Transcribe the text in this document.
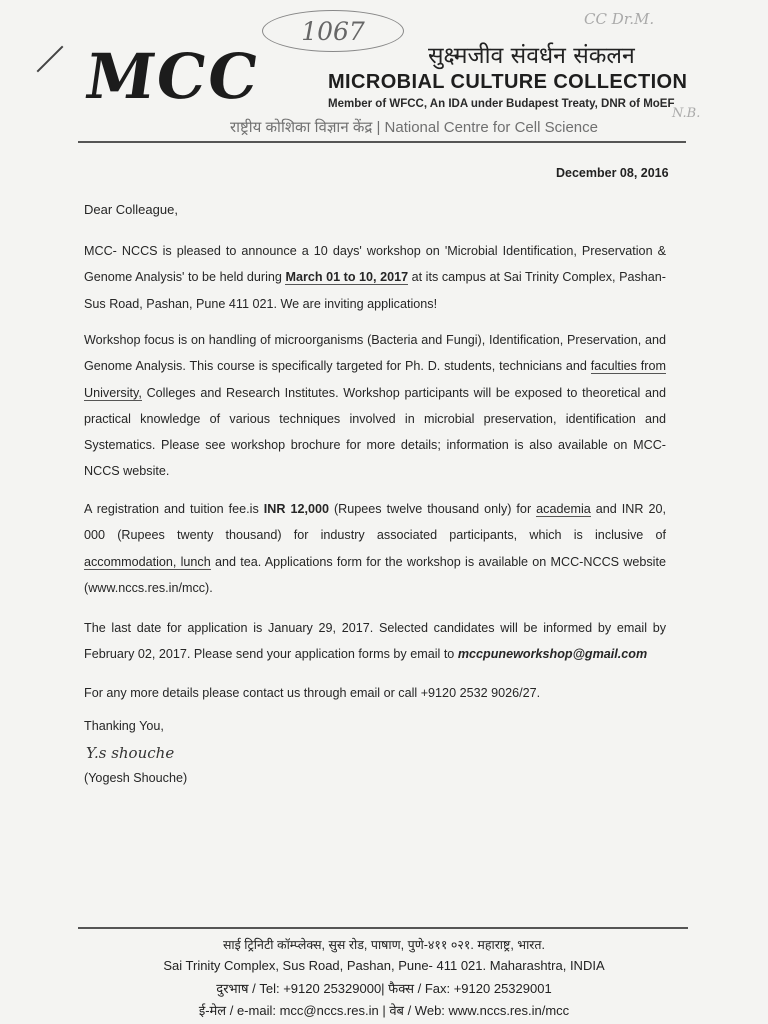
1067	CC Dr.M.
N.B.
MCC	सुक्ष्मजीव संवर्धन संकलन
MICROBIAL CULTURE COLLECTION
Member of WFCC, An IDA under Budapest Treaty, DNR of MoEF
राष्ट्रीय कोशिका विज्ञान केंद्र | National Centre for Cell Science
December 08, 2016
Dear Colleague,

MCC- NCCS is pleased to announce a 10 days' workshop on 'Microbial Identification, Preservation & Genome Analysis' to be held during March 01 to 10, 2017 at its campus at Sai Trinity Complex, Pashan-Sus Road, Pashan, Pune 411 021. We are inviting applications!

Workshop focus is on handling of microorganisms (Bacteria and Fungi), Identification, Preservation, and Genome Analysis. This course is specifically targeted for Ph. D. students, technicians and faculties from University, Colleges and Research Institutes. Workshop participants will be exposed to theoretical and practical knowledge of various techniques involved in microbial preservation, identification and Systematics. Please see workshop brochure for more details; information is also available on MCC-NCCS website.

A registration and tuition fee.is INR 12,000 (Rupees twelve thousand only) for academia and INR 20, 000 (Rupees twenty thousand) for industry associated participants, which is inclusive of accommodation, lunch and tea. Applications form for the workshop is available on MCC-NCCS website (www.nccs.res.in/mcc).

The last date for application is January 29, 2017. Selected candidates will be informed by email by February 02, 2017. Please send your application forms by email to mccpuneworkshop@gmail.com

For any more details please contact us through email or call +9120 2532 9026/27.

Thanking You,
Y.s shouche
(Yogesh Shouche)
साई ट्रिनिटी कॉम्प्लेक्स, सुस रोड, पाषाण, पुणे-४११ ०२१. महाराष्ट्र, भारत.
Sai Trinity Complex, Sus Road, Pashan, Pune- 411 021. Maharashtra, INDIA
दुरभाष / Tel: +9120 25329000| फैक्स / Fax: +9120 25329001
ई-मेल / e-mail: mcc@nccs.res.in | वेब / Web: www.nccs.res.in/mcc
